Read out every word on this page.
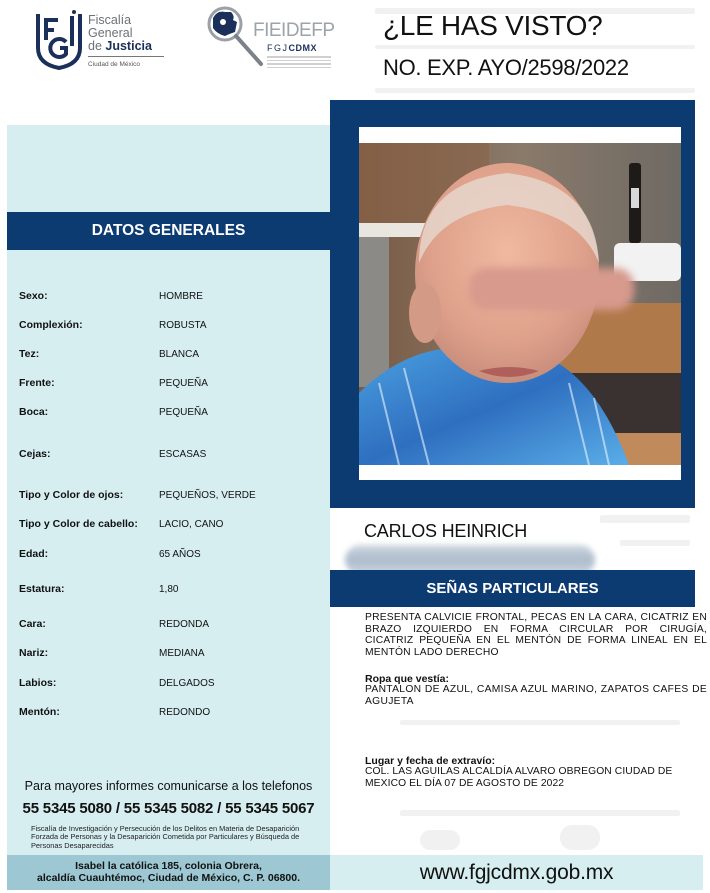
Fiscalía
General
de Justicia
Ciudad de México
FIEIDEFP
FGJCDMX
¿LE HAS VISTO?
NO. EXP. AYO/2598/2022
DATOS GENERALES
Sexo:	HOMBRE
Complexión:	ROBUSTA
Tez:	BLANCA
Frente:	PEQUEÑA
Boca:	PEQUEÑA
Cejas:	ESCASAS
Tipo y Color de ojos:	PEQUEÑOS, VERDE
Tipo y Color de cabello: LACIO, CANO
Edad:	65 AÑOS
Estatura:	1,80
Cara:	REDONDA
Nariz:	MEDIANA
Labios:	DELGADOS
Mentón:	REDONDO
Para mayores informes comunicarse a los telefonos
55 5345 5080 / 55 5345 5082 / 55 5345 5067
Fiscalía de Investigación y Persecución de los Delitos en Materia de Desaparición Forzada de Personas y la Desaparición Cometida por Particulares y Búsqueda de Personas Desaparecidas
Isabel la católica 185, colonia Obrera,
alcaldía Cuauhtémoc, Ciudad de México, C. P. 06800.	www.fgjcdmx.gob.mx
CARLOS HEINRICH
SEÑAS PARTICULARES
PRESENTA CALVICIE FRONTAL, PECAS EN LA CARA, CICATRIZ EN BRAZO IZQUIERDO EN FORMA CIRCULAR POR CIRUGÍA, CICATRIZ PEQUEÑA EN EL MENTÓN DE FORMA LINEAL EN EL MENTÓN LADO DERECHO
Ropa que vestía:
PANTALON DE AZUL, CAMISA AZUL MARINO, ZAPATOS CAFES DE AGUJETA
Lugar y fecha de extravío:
COL. LAS AGUILAS ALCALDÍA ALVARO OBREGON CIUDAD DE MEXICO EL DÍA 07 DE AGOSTO DE 2022
